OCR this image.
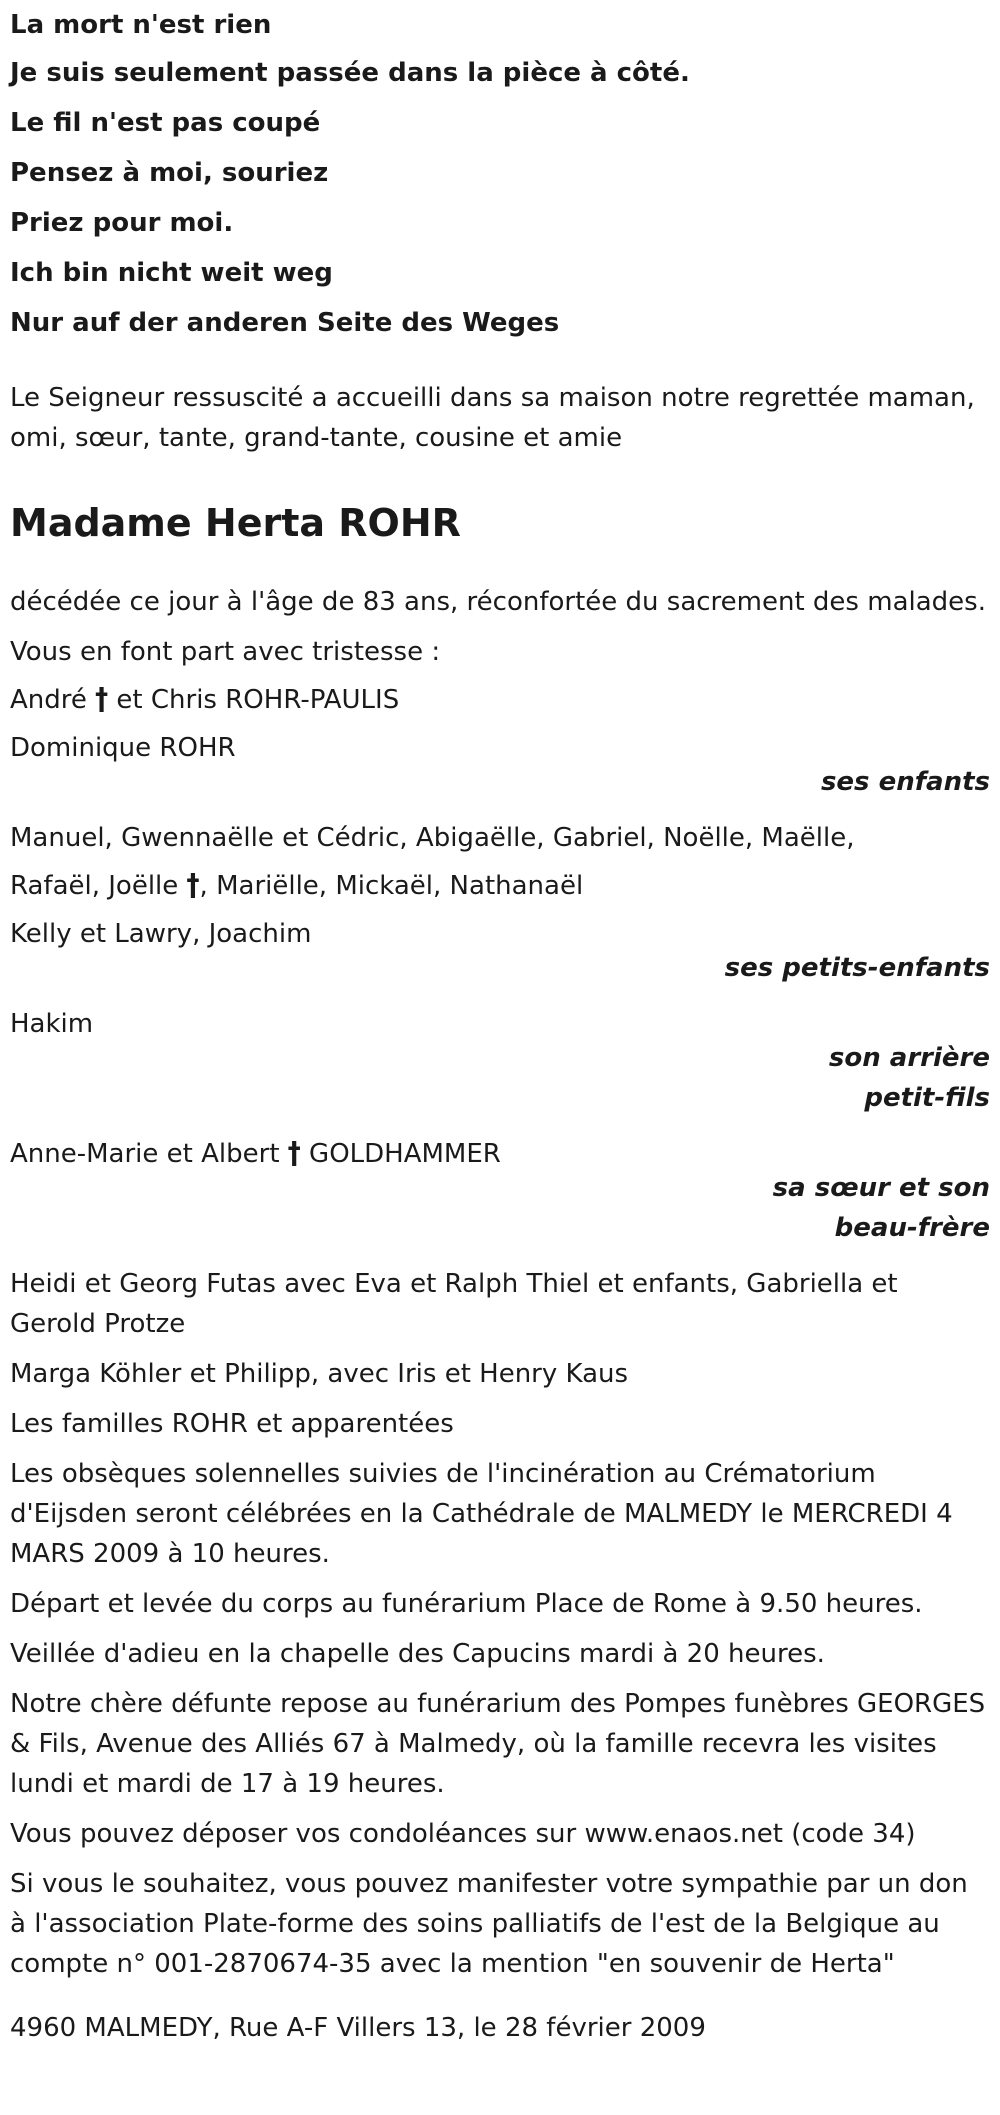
La mort n'est rien

Je suis seulement passée dans la pièce à côté.

Le fil n'est pas coupé

Pensez à moi, souriez

Priez pour moi.

Ich bin nicht weit weg

Nur auf der anderen Seite des Weges

Le Seigneur ressuscité a accueilli dans sa maison notre regrettée maman, omi, sœur, tante, grand-tante, cousine et amie

Madame Herta ROHR

décédée ce jour à l'âge de 83 ans, réconfortée du sacrement des malades.

Vous en font part avec tristesse :

André † et Chris ROHR-PAULIS

Dominique ROHR

ses enfants

Manuel, Gwennaëlle et Cédric, Abigaëlle, Gabriel, Noëlle, Maëlle,

Rafaël, Joëlle †, Mariëlle, Mickaël, Nathanaël

Kelly et Lawry, Joachim

ses petits-enfants

Hakim

son arrière petit-fils

Anne-Marie et Albert † GOLDHAMMER

sa sœur et son beau-frère

Heidi et Georg Futas avec Eva et Ralph Thiel et enfants, Gabriella et Gerold Protze

Marga Köhler et Philipp, avec Iris et Henry Kaus

Les familles ROHR et apparentées

Les obsèques solennelles suivies de l'incinération au Crématorium d'Eijsden seront célébrées en la Cathédrale de MALMEDY le MERCREDI 4 MARS 2009 à 10 heures.

Départ et levée du corps au funérarium Place de Rome à 9.50 heures.

Veillée d'adieu en la chapelle des Capucins mardi à 20 heures.

Notre chère défunte repose au funérarium des Pompes funèbres GEORGES & Fils, Avenue des Alliés 67 à Malmedy, où la famille recevra les visites lundi et mardi de 17 à 19 heures.

Vous pouvez déposer vos condoléances sur www.enaos.net (code 34)

Si vous le souhaitez, vous pouvez manifester votre sympathie par un don à l'association Plate-forme des soins palliatifs de l'est de la Belgique au compte n° 001-2870674-35 avec la mention "en souvenir de Herta"

4960 MALMEDY, Rue A-F Villers 13, le 28 février 2009
